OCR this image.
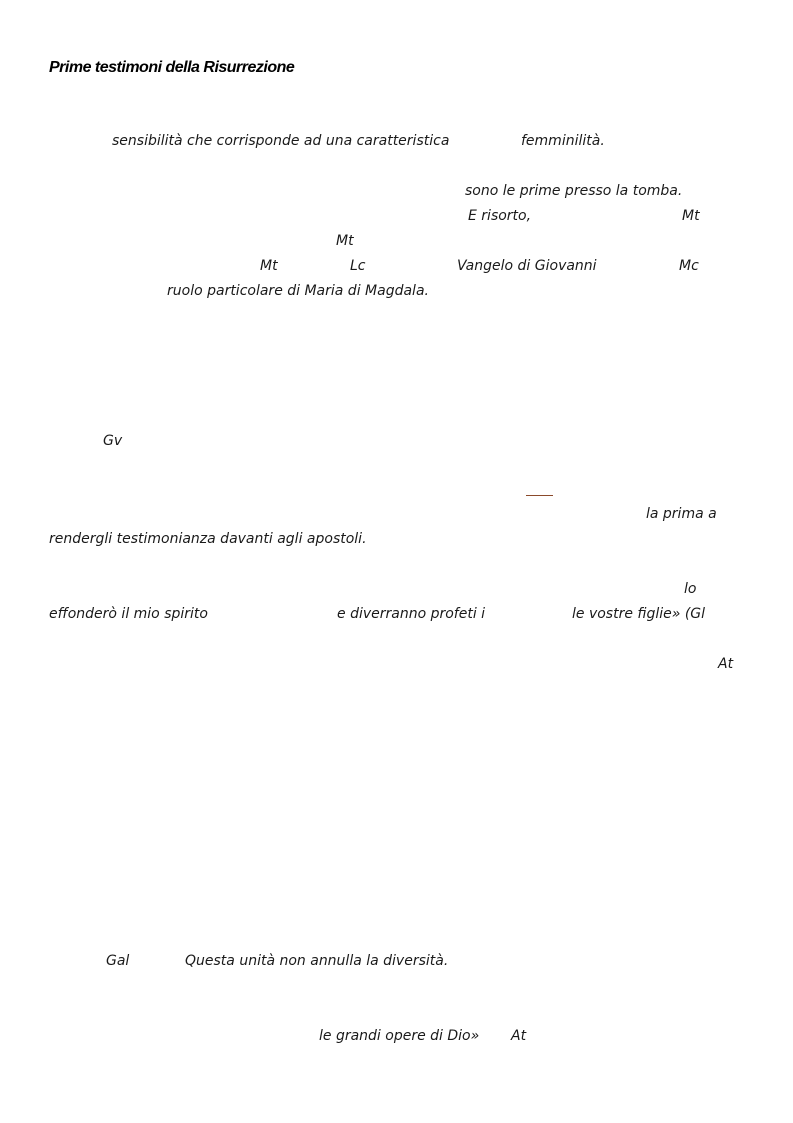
Prime testimoni della Risurrezione
sensibilità che corrisponde ad una caratteristica	femminilità.
sono le prime presso la tomba.
E risorto,	Mt
Mt
Mt	Lc	Vangelo di Giovanni	Mc
ruolo particolare di Maria di Magdala.
Gv
la prima a
rendergli testimonianza davanti agli apostoli.
lo
effonderò il mio spirito	e diverranno profeti i	le vostre figlie» (Gl
At
Gal	Questa unità non annulla la diversità.
le grandi opere di Dio» At
